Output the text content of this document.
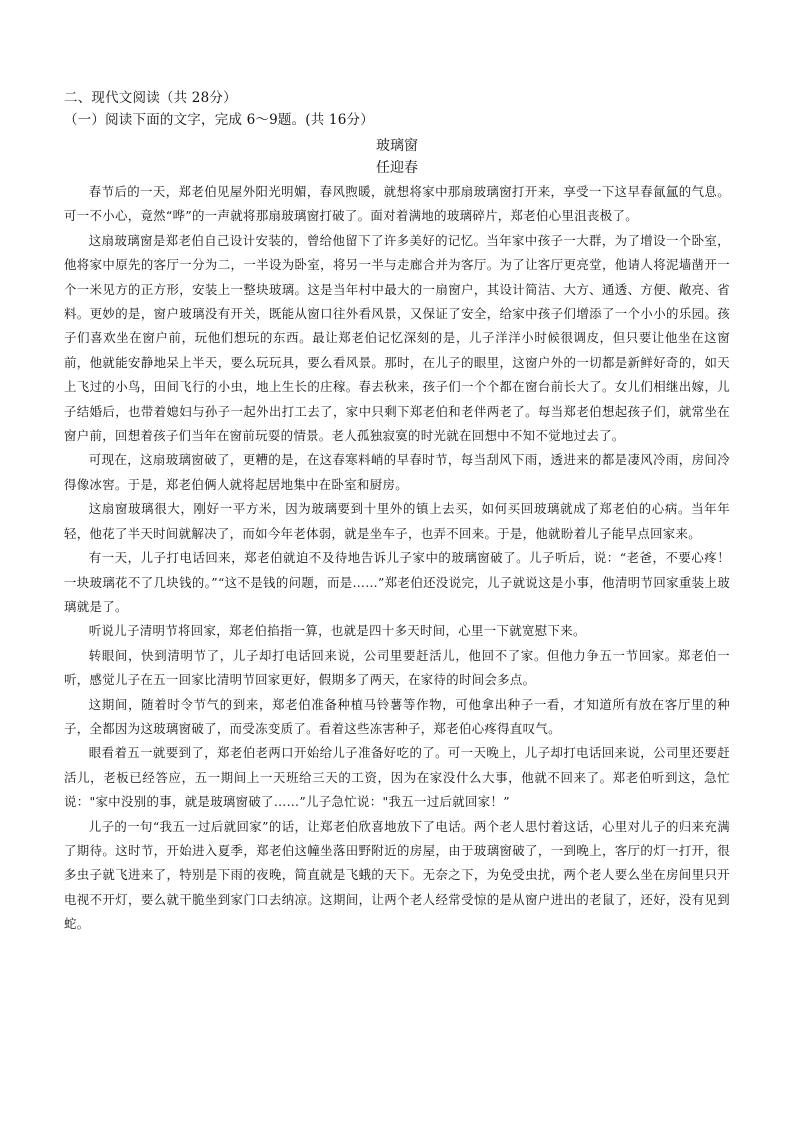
二、现代文阅读（共 28分）
（一）阅读下面的文字，完成 6～9题。(共 16分）
玻璃窗
任迎春

春节后的一天，郑老伯见屋外阳光明媚，春风煦暖，就想将家中那扇玻璃窗打开来，享受一下这早春氤氲的气息。可一不小心，竟然“哗”的一声就将那扇玻璃窗打破了。面对着满地的玻璃碎片，郑老伯心里沮丧极了。

这扇玻璃窗是郑老伯自己设计安装的，曾给他留下了许多美好的记忆。当年家中孩子一大群，为了增设一个卧室，他将家中原先的客厅一分为二，一半设为卧室，将另一半与走廊合并为客厅。为了让客厅更亮堂，他请人将泥墙凿开一个一米见方的正方形，安装上一整块玻璃。这是当年村中最大的一扇窗户，其设计简洁、大方、通透、方便、敞亮、省料。更妙的是，窗户玻璃没有开关，既能从窗口往外看风景，又保证了安全，给家中孩子们增添了一个小小的乐园。孩子们喜欢坐在窗户前，玩他们想玩的东西。最让郑老伯记忆深刻的是，儿子洋洋小时候很调皮，但只要让他坐在这窗前，他就能安静地呆上半天，要么玩玩具，要么看风景。那时，在儿子的眼里，这窗户外的一切都是新鲜好奇的，如天上飞过的小鸟，田间飞行的小虫，地上生长的庄稼。春去秋来，孩子们一个个都在窗台前长大了。女儿们相继出嫁，儿子结婚后，也带着媳妇与孙子一起外出打工去了，家中只剩下郑老伯和老伴两老了。每当郑老伯想起孩子们，就常坐在窗户前，回想着孩子们当年在窗前玩耍的情景。老人孤独寂寞的时光就在回想中不知不觉地过去了。

可现在，这扇玻璃窗破了，更糟的是，在这春寒料峭的早春时节，每当刮风下雨，透进来的都是凄风冷雨，房间冷得像冰窖。于是，郑老伯俩人就将起居地集中在卧室和厨房。

这扇窗玻璃很大，刚好一平方米，因为玻璃要到十里外的镇上去买，如何买回玻璃就成了郑老伯的心病。当年年轻，他花了半天时间就解决了，而如今年老体弱，就是坐车子，也弄不回来。于是，他就盼着儿子能早点回家来。

有一天，儿子打电话回来，郑老伯就迫不及待地告诉儿子家中的玻璃窗破了。儿子听后，说：“老爸，不要心疼！一块玻璃花不了几块钱的。”“这不是钱的问题，而是……”郑老伯还没说完，儿子就说这是小事，他清明节回家重装上玻璃就是了。

听说儿子清明节将回家，郑老伯掐指一算，也就是四十多天时间，心里一下就宽慰下来。

转眼间，快到清明节了，儿子却打电话回来说，公司里要赶活儿，他回不了家。但他力争五一节回家。郑老伯一听，感觉儿子在五一回家比清明节回家更好，假期多了两天，在家待的时间会多点。

这期间，随着时令节气的到来，郑老伯准备种植马铃薯等作物，可他拿出种子一看，才知道所有放在客厅里的种子，全都因为这玻璃窗破了，而受冻变质了。看着这些冻害种子，郑老伯心疼得直叹气。

眼看着五一就要到了，郑老伯老两口开始给儿子准备好吃的了。可一天晚上，儿子却打电话回来说，公司里还要赶活儿，老板已经答应，五一期间上一天班给三天的工资，因为在家没什么大事，他就不回来了。郑老伯听到这，急忙说："家中没别的事，就是玻璃窗破了……”儿子急忙说："我五一过后就回家！”

儿子的一句“我五一过后就回家”的话，让郑老伯欣喜地放下了电话。两个老人思忖着这话，心里对儿子的归来充满了期待。这时节，开始进入夏季，郑老伯这幢坐落田野附近的房屋，由于玻璃窗破了，一到晚上，客厅的灯一打开，很多虫子就飞进来了，特别是下雨的夜晚，简直就是飞蛾的天下。无奈之下，为免受虫扰，两个老人要么坐在房间里只开电视不开灯，要么就干脆坐到家门口去纳凉。这期间，让两个老人经常受惊的是从窗户进出的老鼠了，还好，没有见到蛇。
